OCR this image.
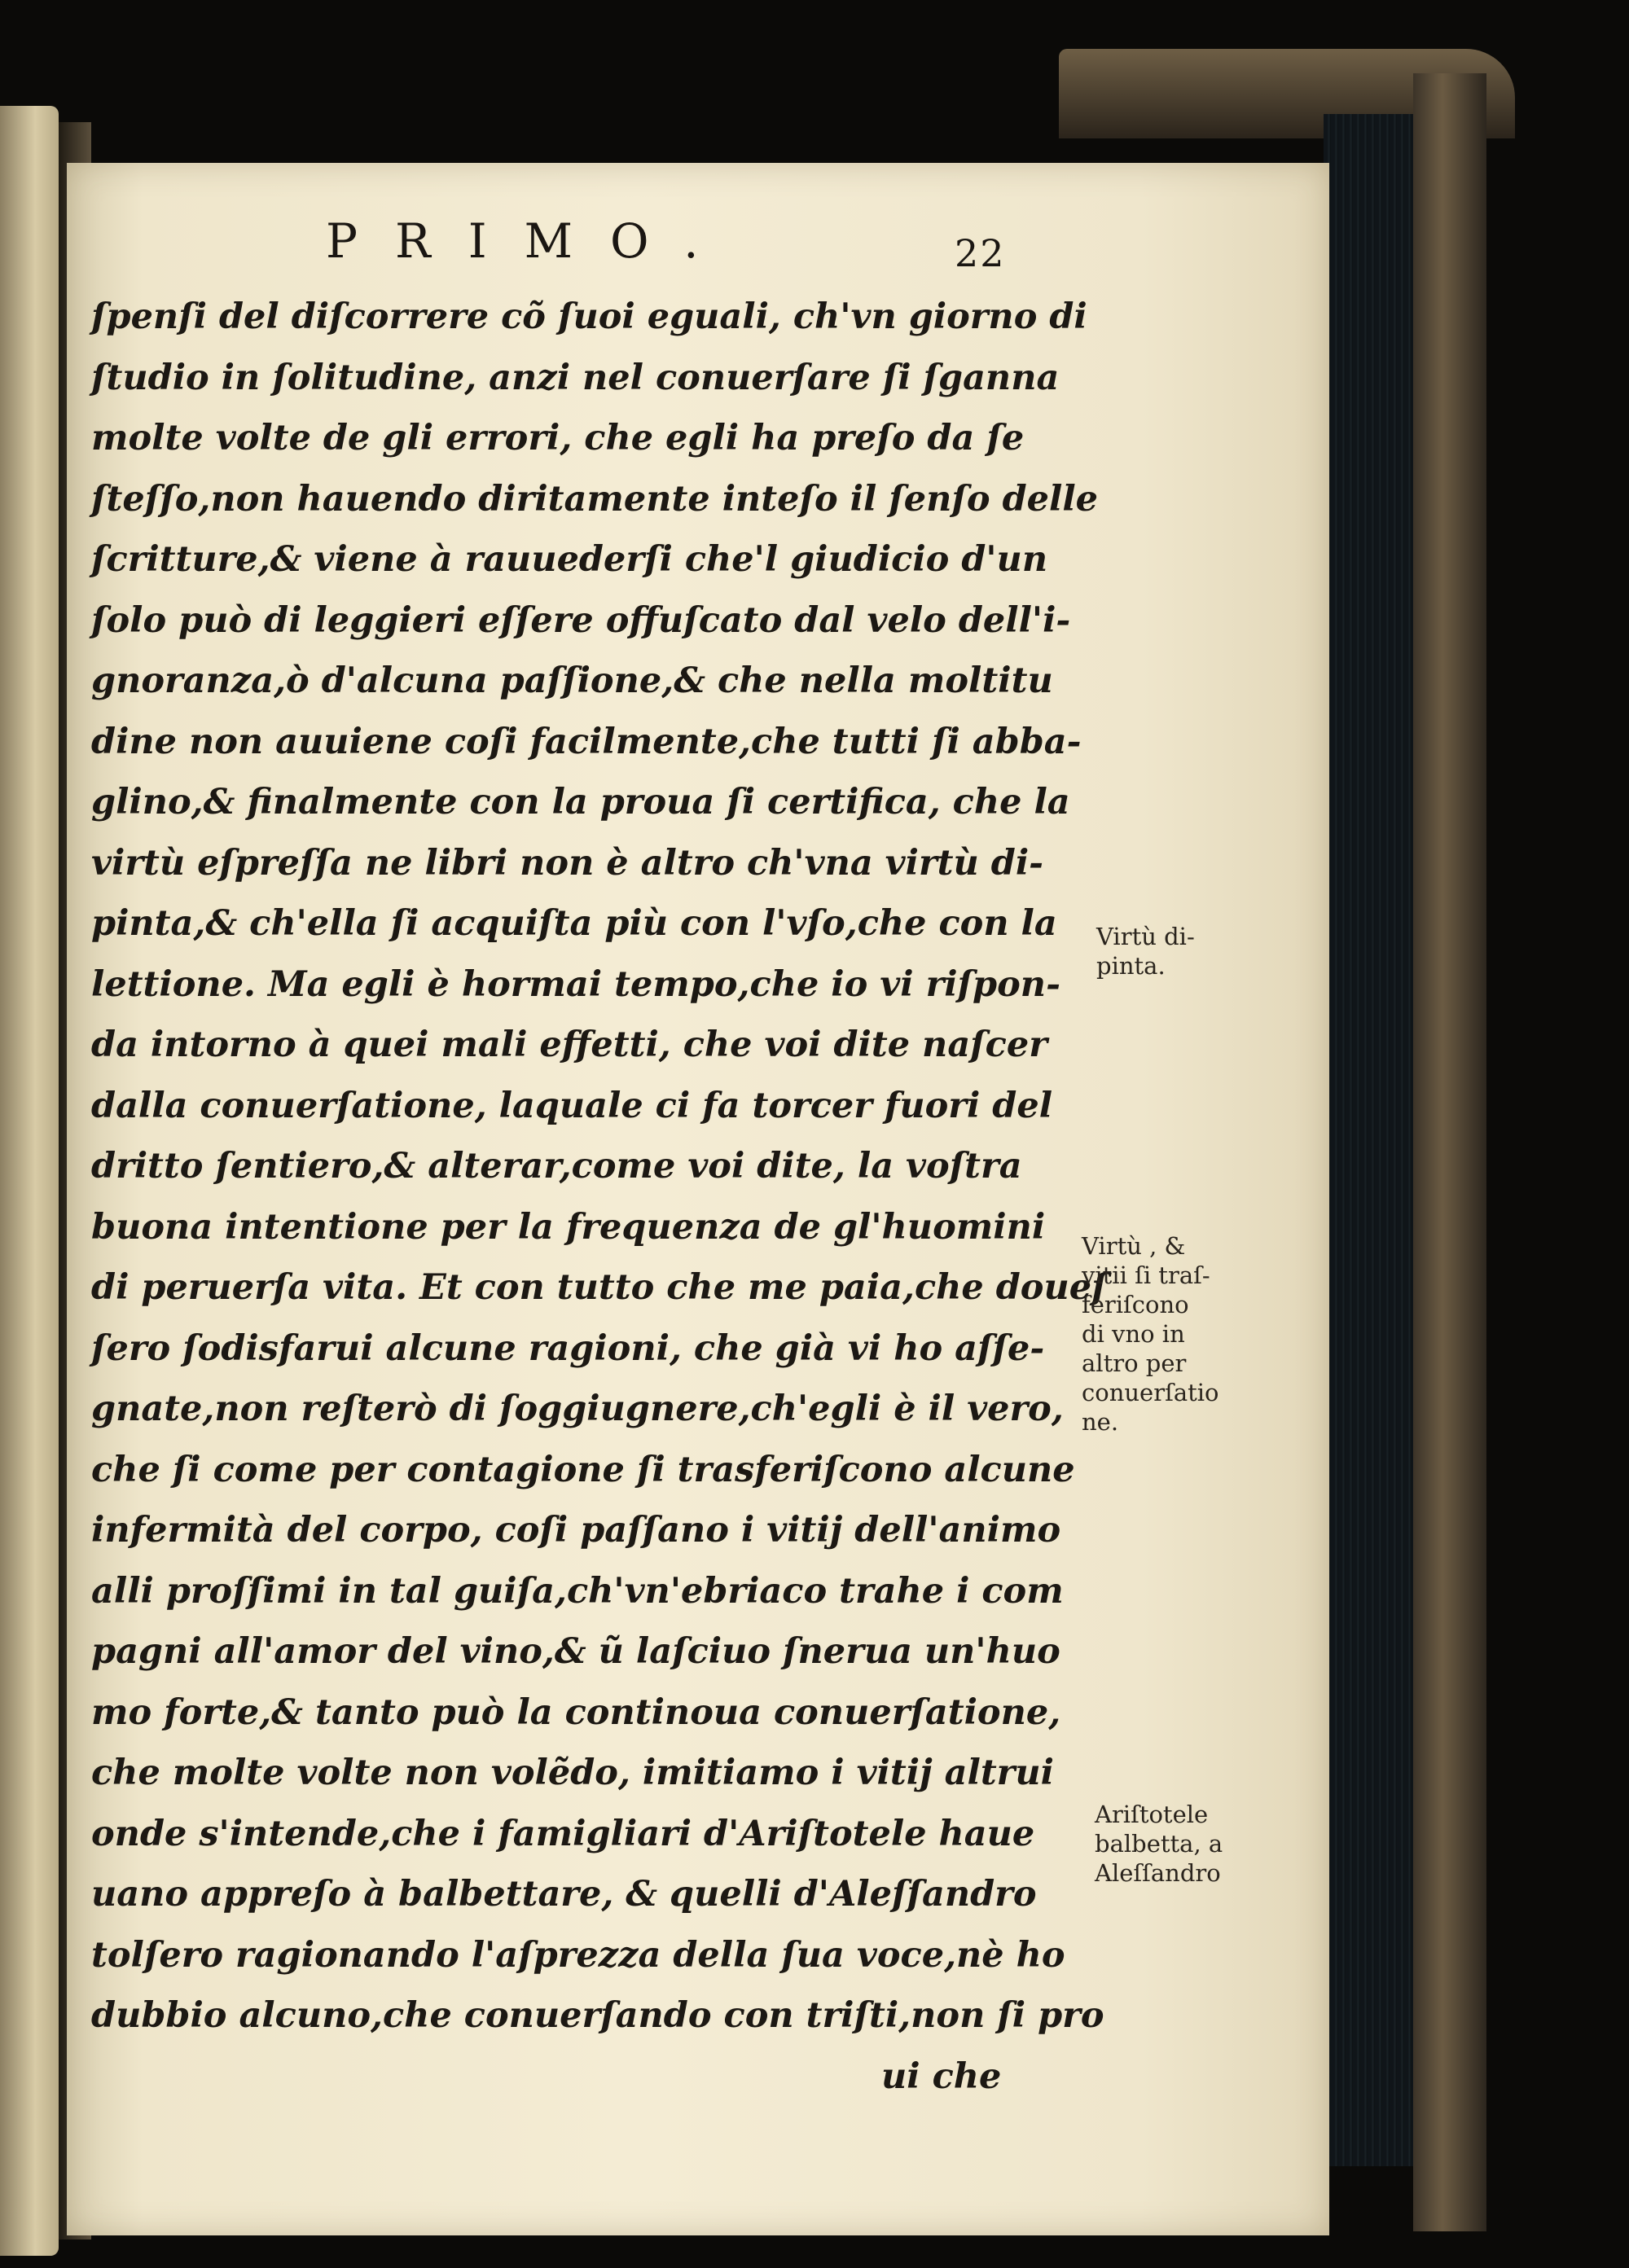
PRIMO.	22
ſpenſi del diſcorrere cõ ſuoi eguali, ch'vn giorno di
ſtudio in ſolitudine, anzi nel conuerſare ſi ſganna
molte volte de gli errori, che egli ha preſo da ſe
ſteſſo,non hauendo diritamente inteſo il ſenſo delle
ſcritture,& viene à rauuederſi che'l giudicio d'un
ſolo può di leggieri eſſere offuſcato dal velo dell'i-
gnoranza,ò d'alcuna paſſione,& che nella moltitu
dine non auuiene coſi facilmente,che tutti ſi abba-
glino,& finalmente con la proua ſi certifica, che la
virtù eſpreſſa ne libri non è altro ch'vna virtù di-
pinta,& ch'ella ſi acquiſta più con l'vſo,che con la
lettione. Ma egli è hormai tempo,che io vi riſpon-
da intorno à quei mali effetti, che voi dite naſcer
dalla conuerſatione, laquale ci fa torcer fuori del
dritto ſentiero,& alterar,come voi dite, la voſtra
buona intentione per la frequenza de gl'huomini
di peruerſa vita. Et con tutto che me paia,che doueſ
ſero ſodisfarui alcune ragioni, che già vi ho aſſe-
gnate,non reſterò di ſoggiugnere,ch'egli è il vero,
che ſi come per contagione ſi trasferiſcono alcune
infermità del corpo, coſi paſſano i vitij dell'animo
alli proſſimi in tal guiſa,ch'vn'ebriaco trahe i com
pagni all'amor del vino,& ũ laſciuo ſnerua un'huo
mo forte,& tanto può la continoua conuerſatione,
che molte volte non volẽdo, imitiamo i vitij altrui
onde s'intende,che i famigliari d'Ariſtotele haue
uano appreſo à balbettare, & quelli d'Aleſſandro
tolſero ragionando l'aſprezza della ſua voce,nè ho
dubbio alcuno,che conuerſando con triſti,non ſi pro
ui che
Virtù di-
pinta.
Virtù , &
vitii ſi traſ-
feriſcono
di vno in
altro per
conuerſatio
ne.
Ariſtotele
balbetta, a
Aleſſandro
